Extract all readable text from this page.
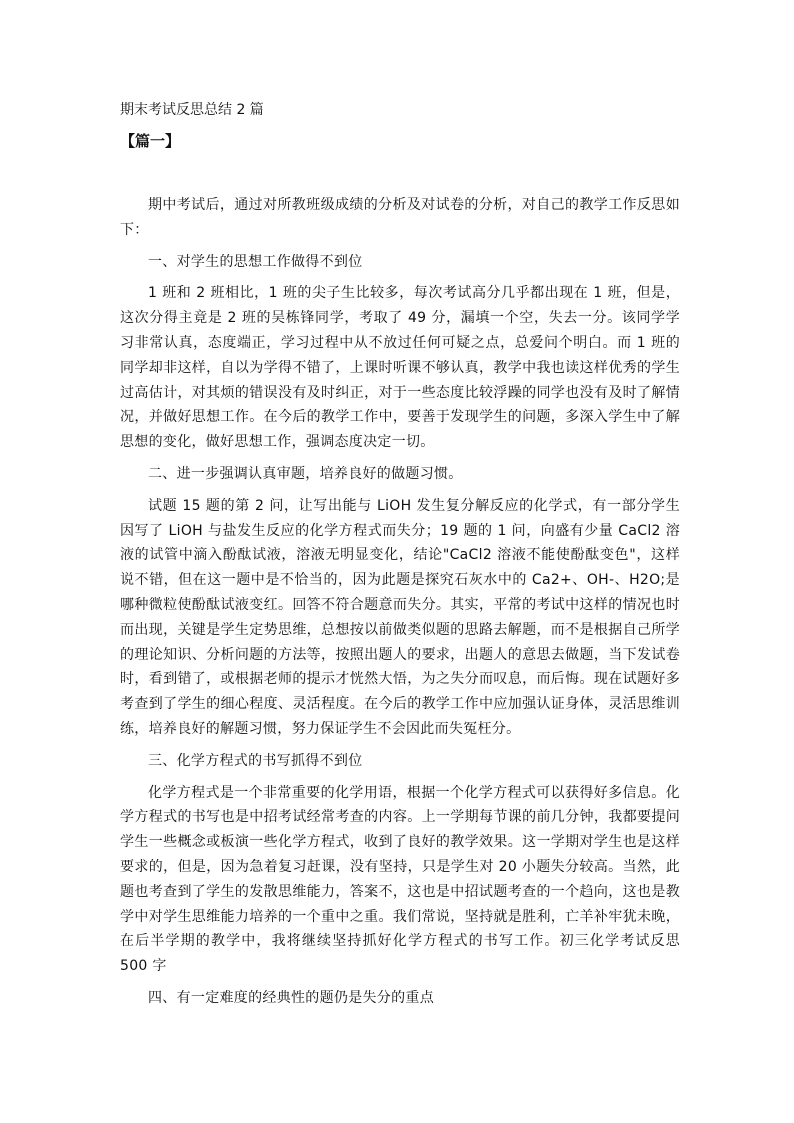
期末考试反思总结 2 篇
【篇一】

期中考试后，通过对所教班级成绩的分析及对试卷的分析，对自己的教学工作反思如下：

一、对学生的思想工作做得不到位

1 班和 2 班相比，1 班的尖子生比较多，每次考试高分几乎都出现在 1 班，但是，这次分得主竟是 2 班的吴栋锋同学，考取了 49 分，漏填一个空，失去一分。该同学学习非常认真，态度端正，学习过程中从不放过任何可疑之点，总爱问个明白。而 1 班的同学却非这样，自以为学得不错了，上课时听课不够认真，教学中我也读这样优秀的学生过高估计，对其烦的错误没有及时纠正，对于一些态度比较浮躁的同学也没有及时了解情况，并做好思想工作。在今后的教学工作中，要善于发现学生的问题，多深入学生中了解思想的变化，做好思想工作，强调态度决定一切。

二、进一步强调认真审题，培养良好的做题习惯。

试题 15 题的第 2 问，让写出能与 LiOH 发生复分解反应的化学式，有一部分学生因写了 LiOH 与盐发生反应的化学方程式而失分；19 题的 1 问，向盛有少量 CaCl2 溶液的试管中滴入酚酞试液，溶液无明显变化，结论"CaCl2 溶液不能使酚酞变色"，这样说不错，但在这一题中是不恰当的，因为此题是探究石灰水中的 Ca2+、OH-、H2O;是哪种微粒使酚酞试液变红。回答不符合题意而失分。其实，平常的考试中这样的情况也时而出现，关键是学生定势思维，总想按以前做类似题的思路去解题，而不是根据自己所学的理论知识、分析问题的方法等，按照出题人的要求，出题人的意思去做题，当下发试卷时，看到错了，或根据老师的提示才恍然大悟，为之失分而叹息，而后悔。现在试题好多考查到了学生的细心程度、灵活程度。在今后的教学工作中应加强认证身体，灵活思维训练，培养良好的解题习惯，努力保证学生不会因此而失冤枉分。

三、化学方程式的书写抓得不到位

化学方程式是一个非常重要的化学用语，根据一个化学方程式可以获得好多信息。化学方程式的书写也是中招考试经常考查的内容。上一学期每节课的前几分钟，我都要提问学生一些概念或板演一些化学方程式，收到了良好的教学效果。这一学期对学生也是这样要求的，但是，因为急着复习赶课，没有坚持，只是学生对 20 小题失分较高。当然，此题也考查到了学生的发散思维能力，答案不，这也是中招试题考查的一个趋向，这也是教学中对学生思维能力培养的一个重中之重。我们常说，坚持就是胜利，亡羊补牢犹未晚，在后半学期的教学中，我将继续坚持抓好化学方程式的书写工作。初三化学考试反思 500 字

四、有一定难度的经典性的题仍是失分的重点
